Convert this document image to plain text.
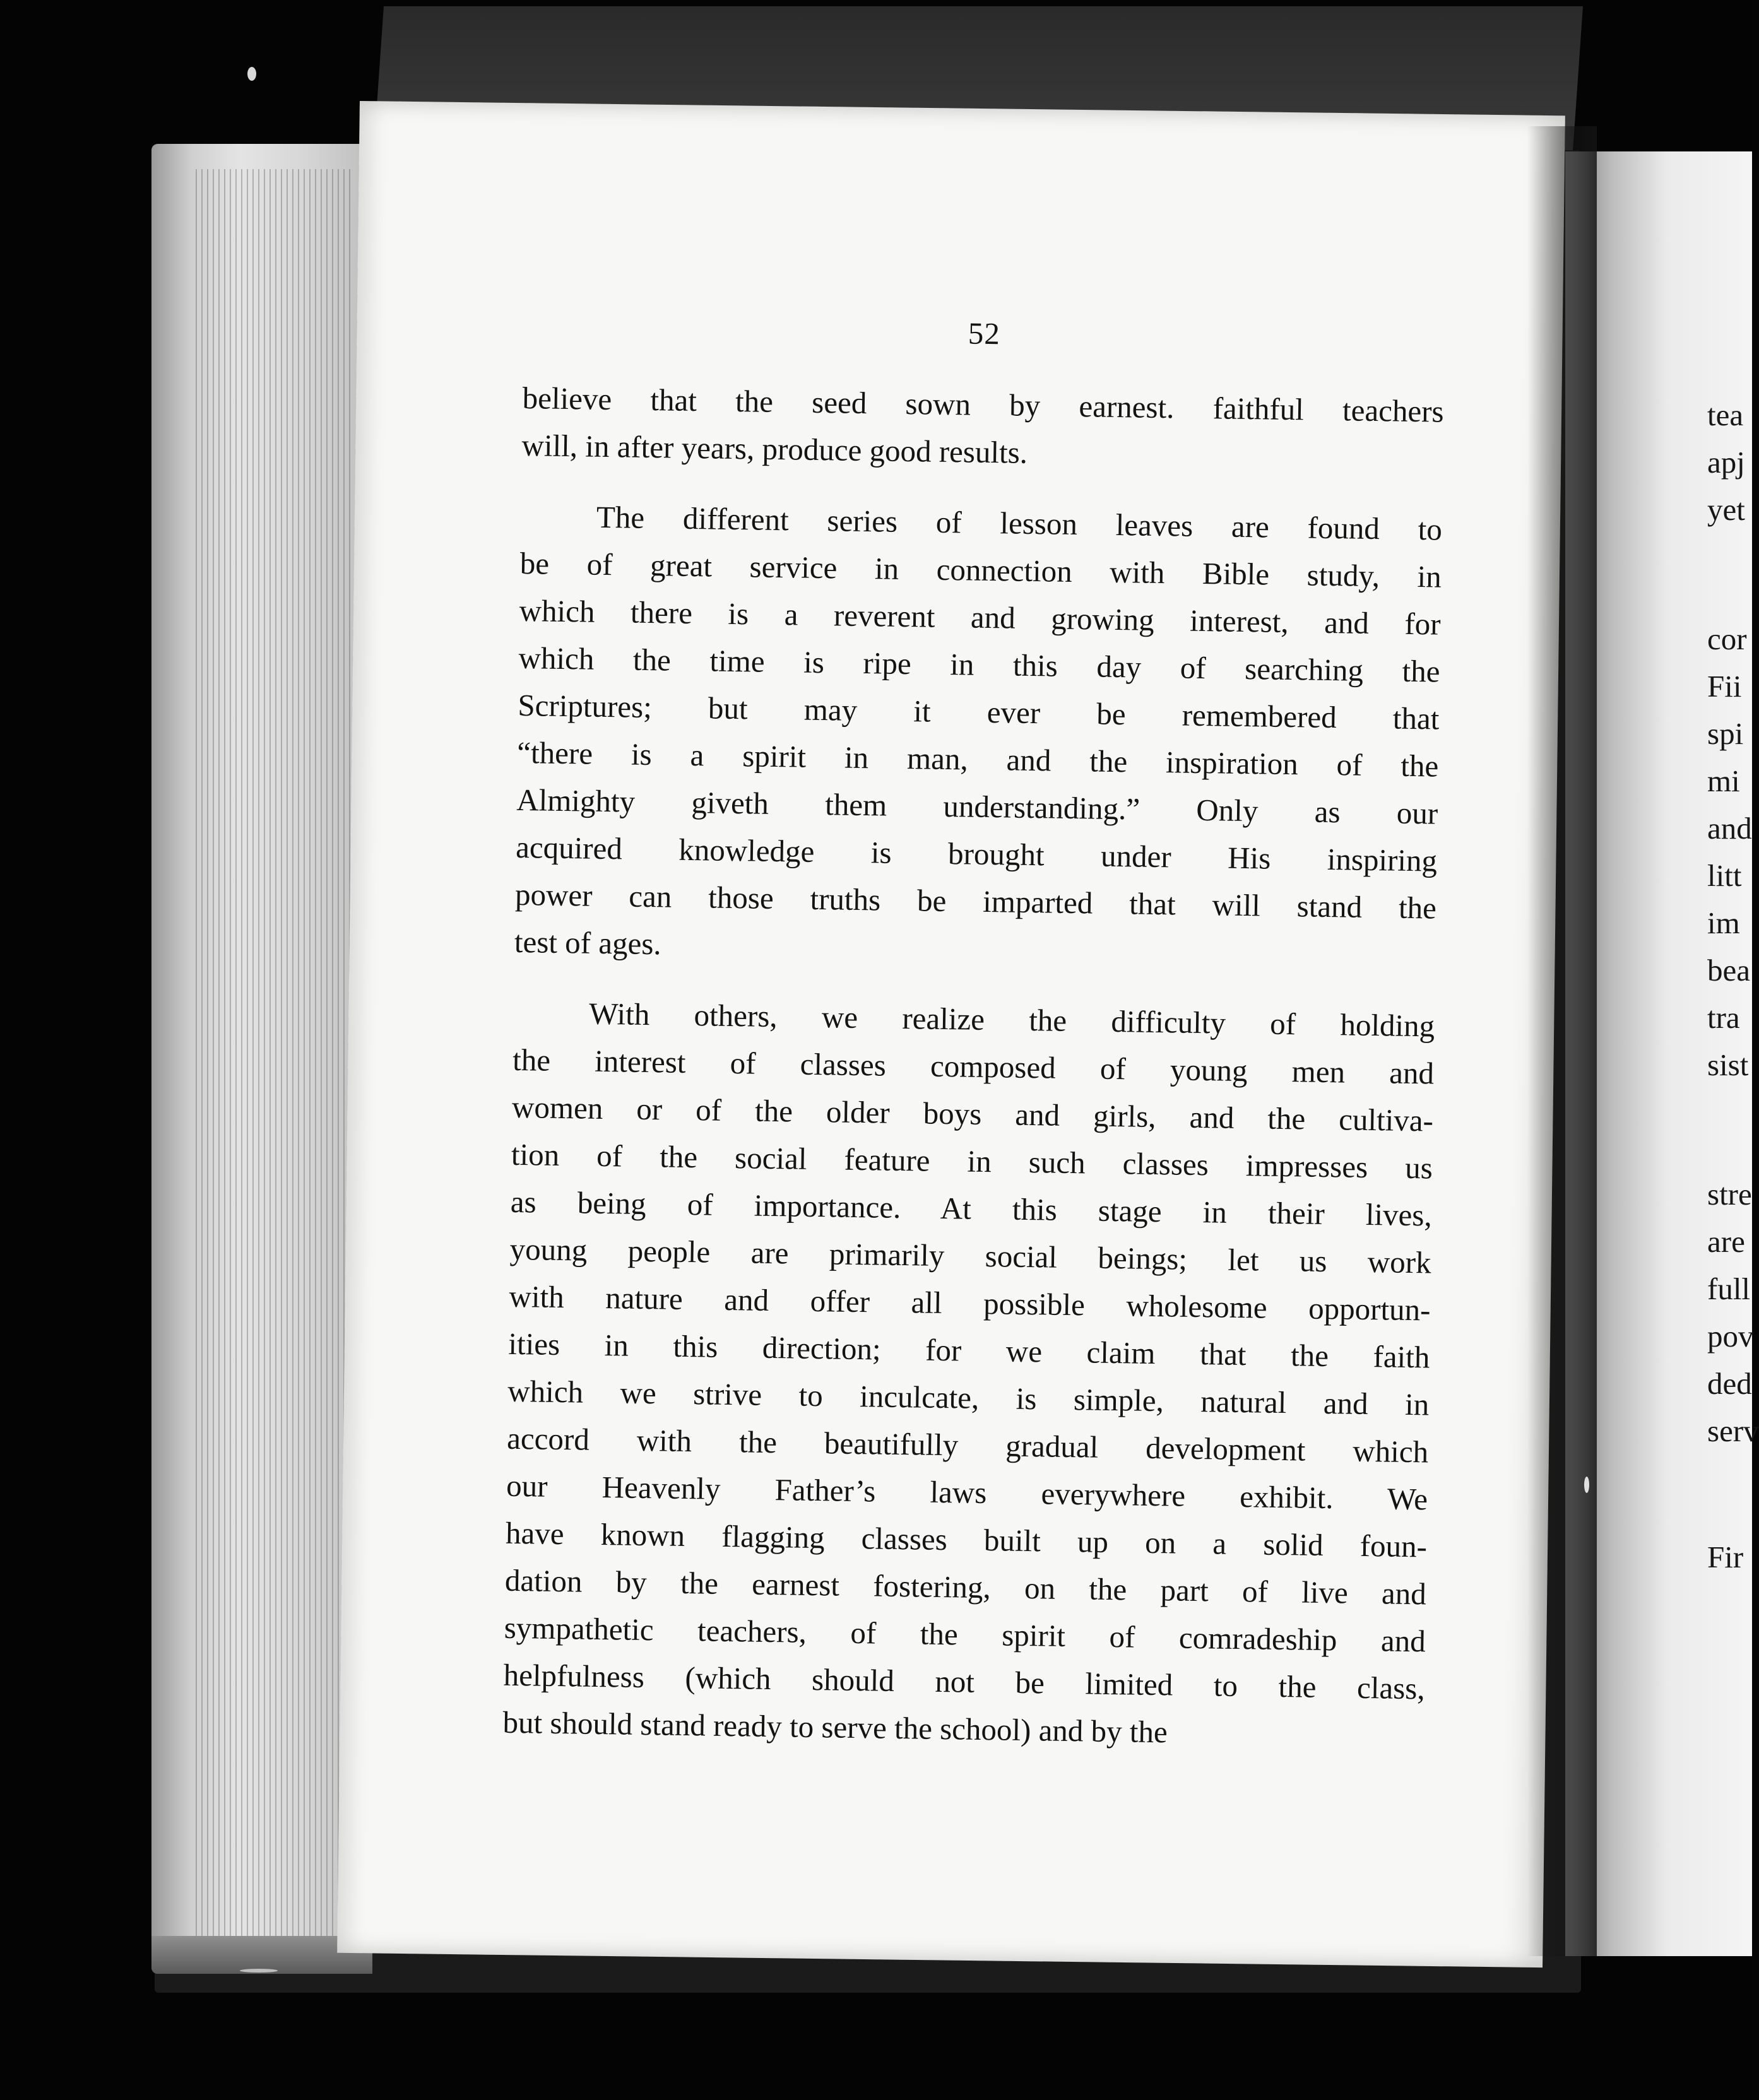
52
believe that the seed sown by earnest. faithful teachers
will, in after years, produce good results.
The different series of lesson leaves are found to
be of great service in connection with Bible study, in
which there is a reverent and growing interest, and for
which the time is ripe in this day of searching the
Scriptures; but may it ever be remembered that
“there is a spirit in man, and the inspiration of the
Almighty giveth them understanding.” Only as our
acquired knowledge is brought under His inspiring
power can those truths be imparted that will stand the
test of ages.
With others, we realize the difficulty of holding
the interest of classes composed of young men and
women or of the older boys and girls, and the cultiva-
tion of the social feature in such classes impresses us
as being of importance. At this stage in their lives,
young people are primarily social beings; let us work
with nature and offer all possible wholesome opportun-
ities in this direction; for we claim that the faith
which we strive to inculcate, is simple, natural and in
accord with the beautifully gradual development which
our Heavenly Father’s laws everywhere exhibit. We
have known flagging classes built up on a solid foun-
dation by the earnest fostering, on the part of live and
sympathetic teachers, of the spirit of comradeship and
helpfulness (which should not be limited to the class,
but should stand ready to serve the school) and by the
tea
apj
yet
cor
Fii
spi
mi
and
litt
im
bea
tra
sist
stre
are
full
pov
ded
serv
Fir
